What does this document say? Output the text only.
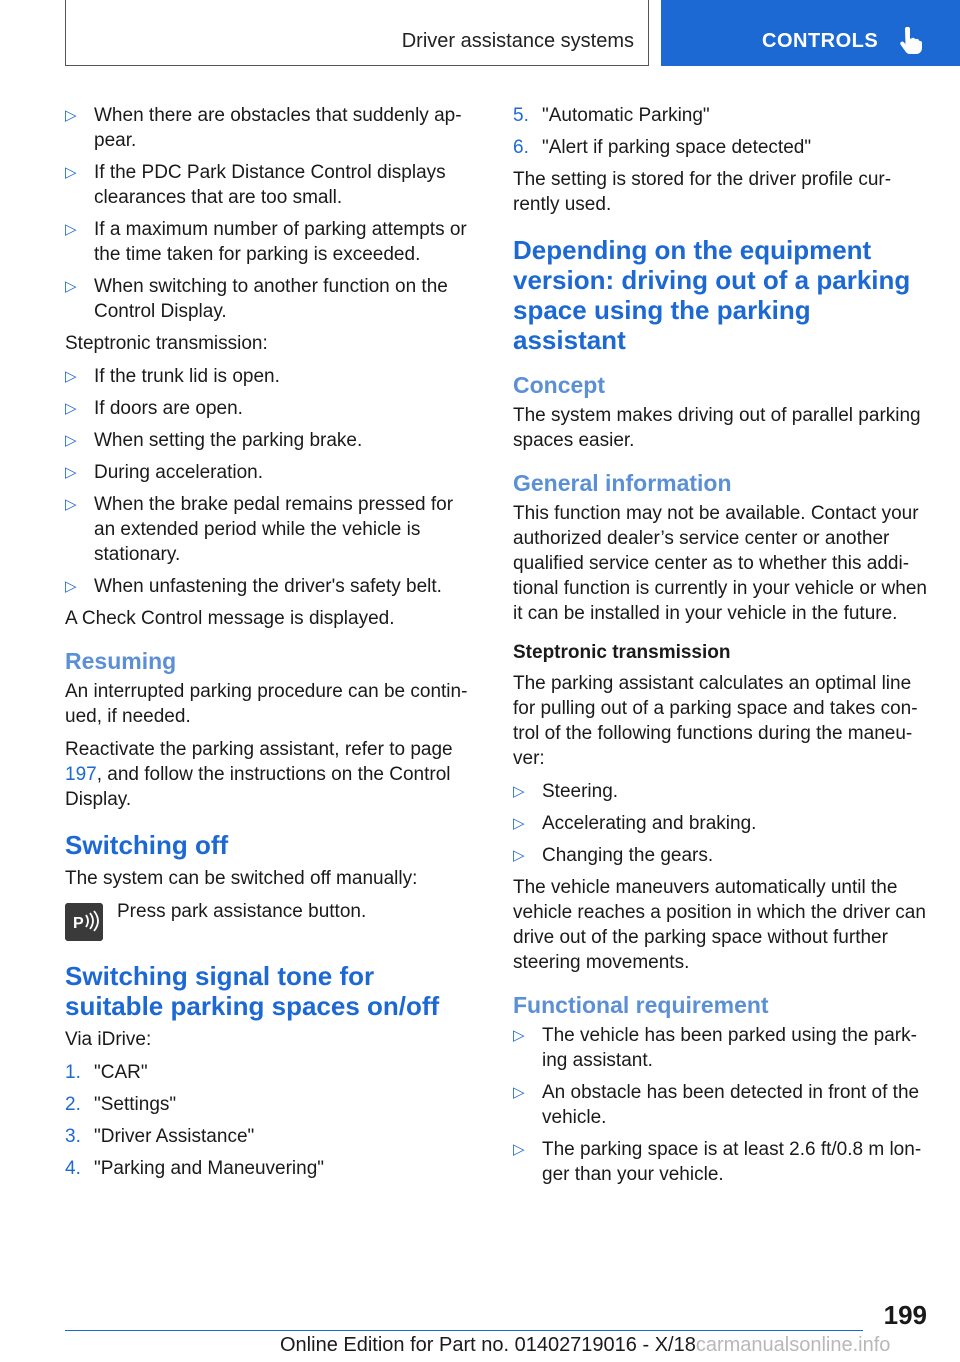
Driver assistance systems	CONTROLS
▷ When there are obstacles that suddenly appear.
▷ If the PDC Park Distance Control displays clearances that are too small.
▷ If a maximum number of parking attempts or the time taken for parking is exceeded.
▷ When switching to another function on the Control Display.

Steptronic transmission:

▷ If the trunk lid is open.
▷ If doors are open.
▷ When setting the parking brake.
▷ During acceleration.
▷ When the brake pedal remains pressed for an extended period while the vehicle is stationary.
▷ When unfastening the driver's safety belt.

A Check Control message is displayed.

Resuming

An interrupted parking procedure can be continued, if needed.

Reactivate the parking assistant, refer to page 197, and follow the instructions on the Control Display.

Switching off

The system can be switched off manually:

P
Press park assistance button.
Switching signal tone for suitable parking spaces on/off

Via iDrive:

1. "CAR"
2. "Settings"
3. "Driver Assistance"
4. "Parking and Maneuvering"
5. "Automatic Parking"
6. "Alert if parking space detected"

The setting is stored for the driver profile currently used.

Depending on the equipment version: driving out of a parking space using the parking assistant
Concept

The system makes driving out of parallel parking spaces easier.

General information

This function may not be available. Contact your authorized dealer’s service center or another qualified service center as to whether this additional function is currently in your vehicle or when it can be installed in your vehicle in the future.

Steptronic transmission

The parking assistant calculates an optimal line for pulling out of a parking space and takes control of the following functions during the maneuver:

▷ Steering.
▷ Accelerating and braking.
▷ Changing the gears.

The vehicle maneuvers automatically until the vehicle reaches a position in which the driver can drive out of the parking space without further steering movements.

Functional requirement
▷ The vehicle has been parked using the parking assistant.
▷ An obstacle has been detected in front of the vehicle.
▷ The parking space is at least 2.6 ft/0.8 m longer than your vehicle.
199
Online Edition for Part no. 01402719016 - X/18carmanualsonline.info
